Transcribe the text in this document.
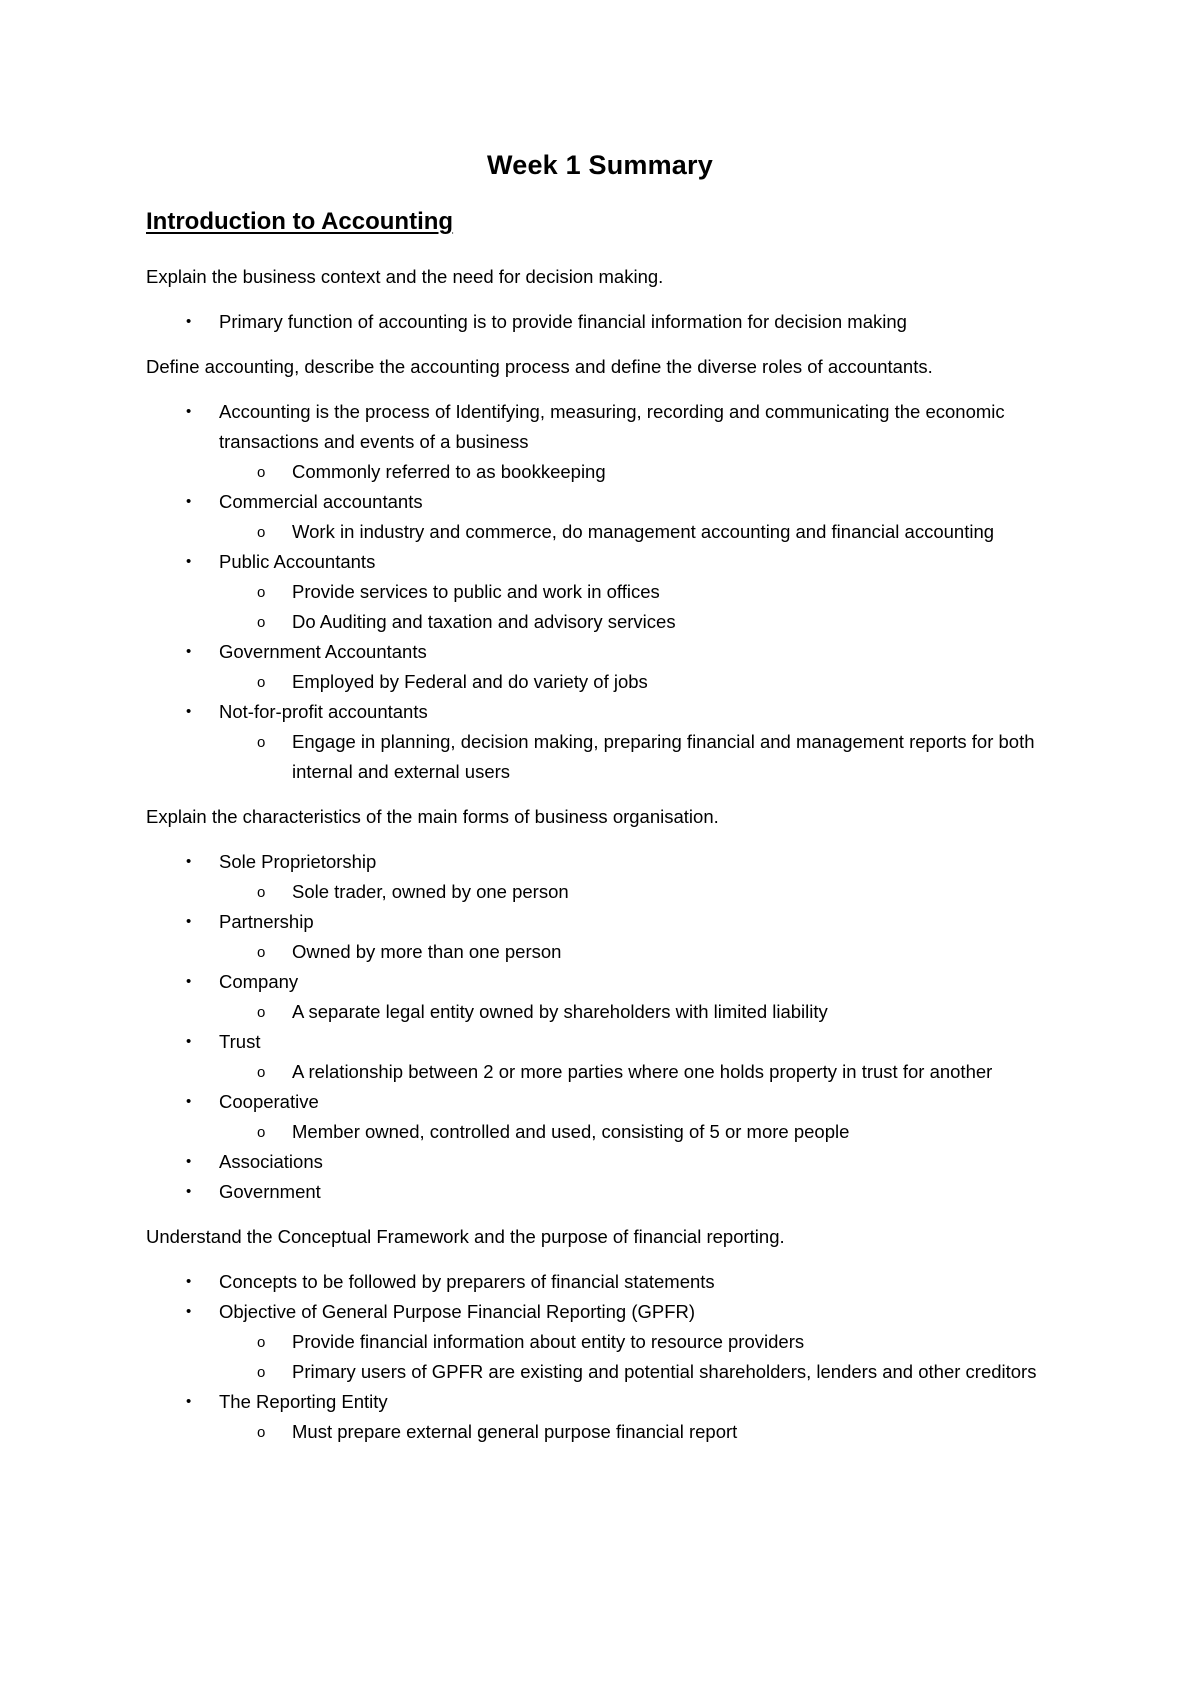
Week 1 Summary
Introduction to Accounting

Explain the business context and the need for decision making.

• Primary function of accounting is to provide financial information for decision making

Define accounting, describe the accounting process and define the diverse roles of accountants.

• Accounting is the process of Identifying, measuring, recording and communicating the economic transactions and events of a business
o Commonly referred to as bookkeeping
• Commercial accountants
o Work in industry and commerce, do management accounting and financial accounting
• Public Accountants
o Provide services to public and work in offices
o Do Auditing and taxation and advisory services
• Government Accountants
o Employed by Federal and do variety of jobs
• Not-for-profit accountants
o Engage in planning, decision making, preparing financial and management reports for both internal and external users

Explain the characteristics of the main forms of business organisation.

• Sole Proprietorship
o Sole trader, owned by one person
• Partnership
o Owned by more than one person
• Company
o A separate legal entity owned by shareholders with limited liability
• Trust
o A relationship between 2 or more parties where one holds property in trust for another
• Cooperative
o Member owned, controlled and used, consisting of 5 or more people
• Associations
• Government

Understand the Conceptual Framework and the purpose of financial reporting.

• Concepts to be followed by preparers of financial statements
• Objective of General Purpose Financial Reporting (GPFR)
o Provide financial information about entity to resource providers
o Primary users of GPFR are existing and potential shareholders, lenders and other creditors
• The Reporting Entity
o Must prepare external general purpose financial report
